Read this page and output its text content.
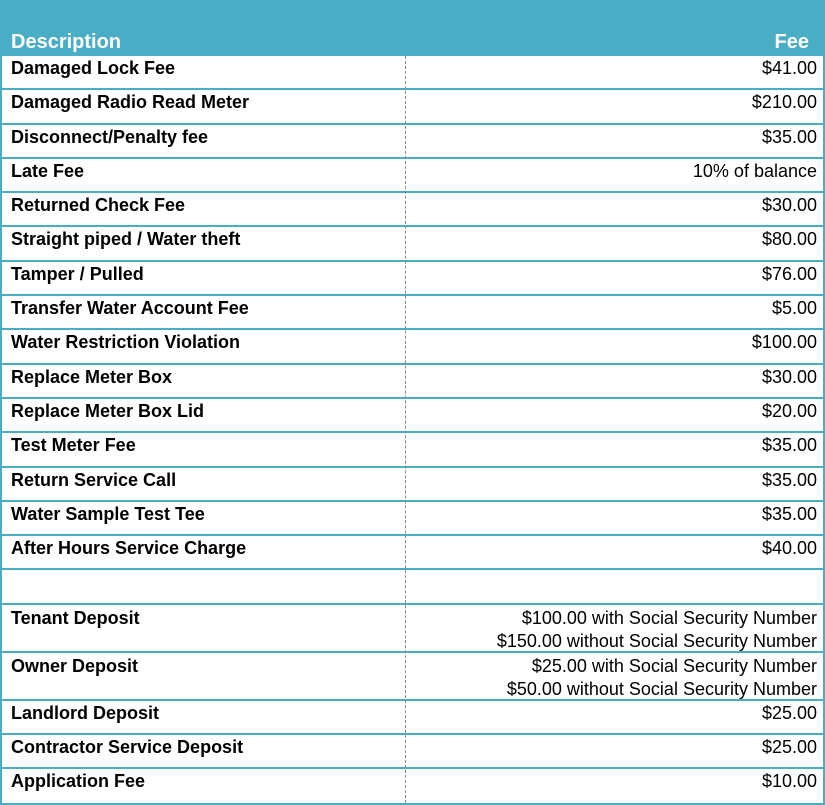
Description	Fee
Damaged Lock Fee	$41.00
Damaged Radio Read Meter	$210.00
Disconnect/Penalty fee	$35.00
Late Fee	10% of balance
Returned Check Fee	$30.00
Straight piped / Water theft	$80.00
Tamper / Pulled	$76.00
Transfer Water Account Fee	$5.00
Water Restriction Violation	$100.00
Replace Meter Box	$30.00
Replace Meter Box Lid	$20.00
Test Meter Fee	$35.00
Return Service Call	$35.00
Water Sample Test Tee	$35.00
After Hours Service Charge	$40.00
Tenant Deposit	$100.00 with Social Security Number
$150.00 without Social Security Number
Owner Deposit	$25.00 with Social Security Number
$50.00 without Social Security Number
Landlord Deposit	$25.00
Contractor Service Deposit	$25.00
Application Fee	$10.00
